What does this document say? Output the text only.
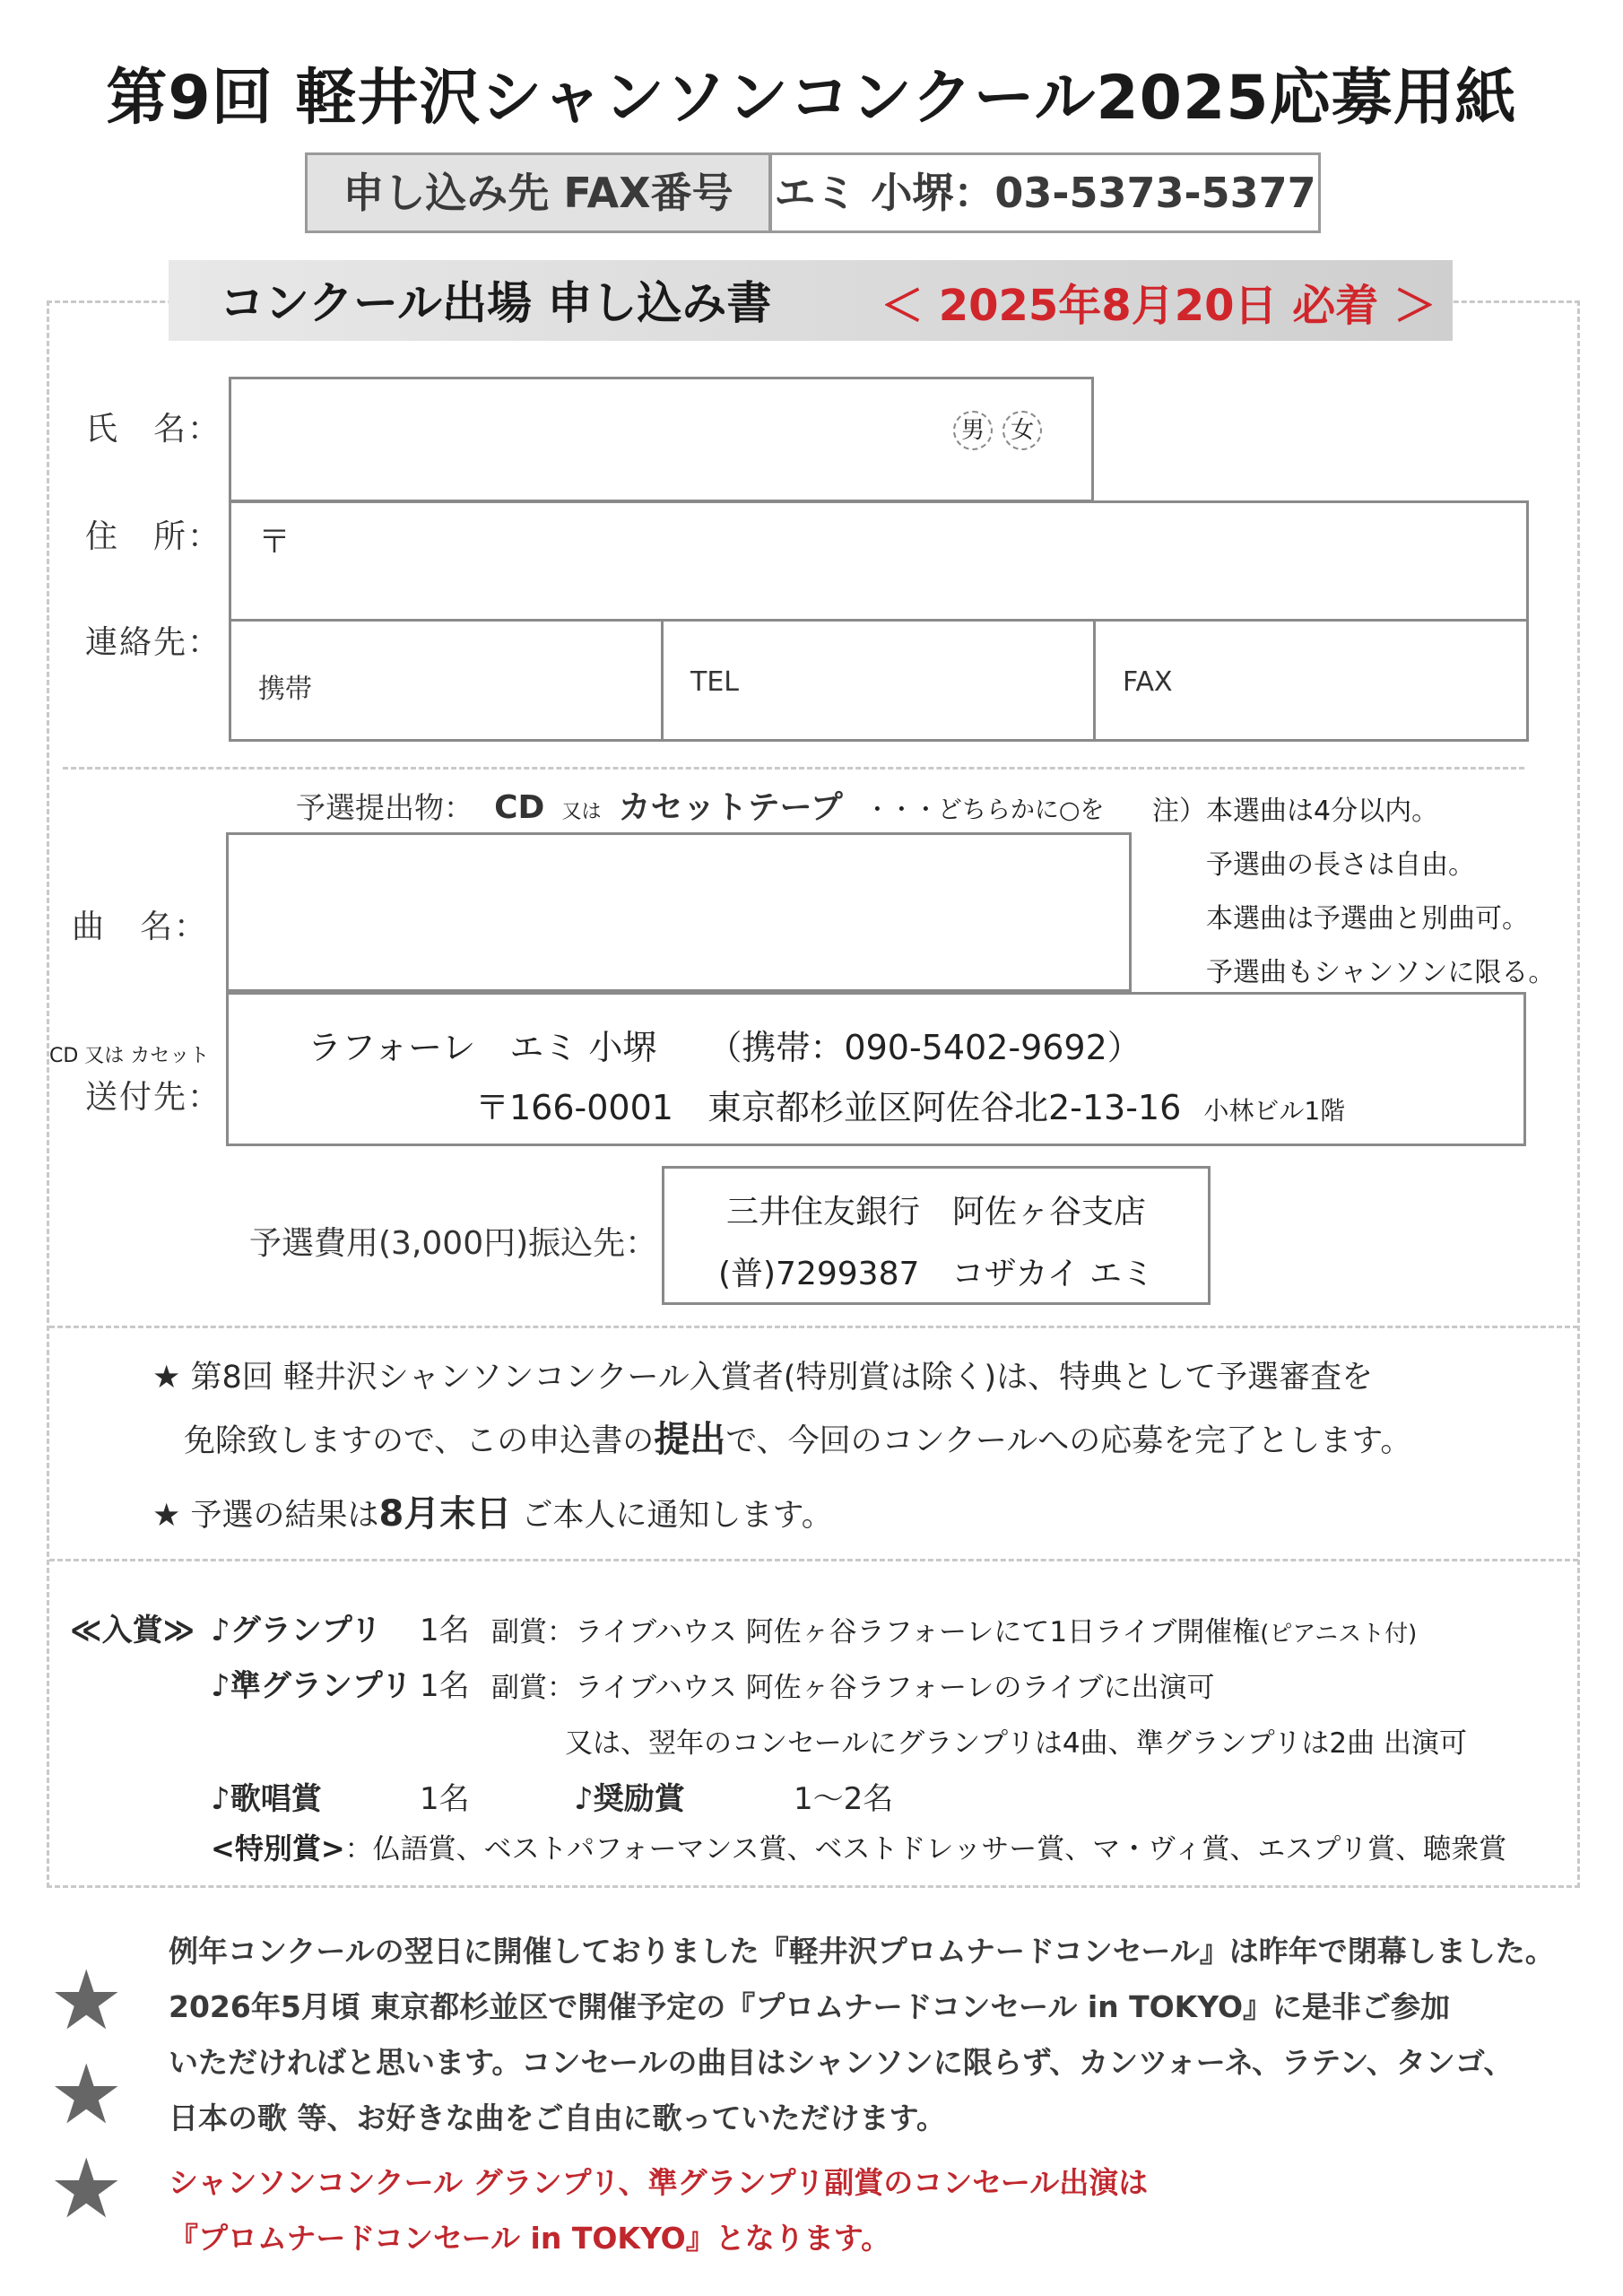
第9回 軽井沢シャンソンコンクール2025応募用紙
申し込み先 FAX番号 エミ 小堺：03-5373-5377
コンクール出場 申し込み書	＜ 2025年8月20日 必着 ＞
氏　名：	男 女
住　所： 〒
連絡先：
携帯	TEL	FAX
予選提出物： CD 又は カセットテープ ・・・どちらかに○を 注）本選曲は4分以内。
予選曲の長さは自由。
本選曲は予選曲と別曲可。
予選曲もシャンソンに限る。
曲　名：
CD 又は カセット
送付先：
ラフォーレ　エミ 小堺　　（携帯：090-5402-9692）
〒166-0001　東京都杉並区阿佐谷北2-13-16 小林ビル1階
予選費用(3,000円)振込先：
三井住友銀行　阿佐ヶ谷支店
(普)7299387　コザカイ エミ
★ 第8回 軽井沢シャンソンコンクール入賞者(特別賞は除く)は、特典として予選審査を
免除致しますので、この申込書の提出で、今回のコンクールへの応募を完了とします。
★ 予選の結果は8月末日 ご本人に通知します。
≪入賞≫ ♪グランプリ 1名 副賞：ライブハウス 阿佐ヶ谷ラフォーレにて1日ライブ開催権(ピアニスト付)
♪準グランプリ 1名 副賞：ライブハウス 阿佐ヶ谷ラフォーレのライブに出演可
又は、翌年のコンセールにグランプリは4曲、準グランプリは2曲 出演可
♪歌唱賞	1名	♪奨励賞	1〜2名
<特別賞>：仏語賞、ベストパフォーマンス賞、ベストドレッサー賞、マ・ヴィ賞、エスプリ賞、聴衆賞
★
★
★
例年コンクールの翌日に開催しておりました『軽井沢プロムナードコンセール』は昨年で閉幕しました。
2026年5月頃 東京都杉並区で開催予定の『プロムナードコンセール in TOKYO』に是非ご参加
いただければと思います。コンセールの曲目はシャンソンに限らず、カンツォーネ、ラテン、タンゴ、
日本の歌 等、お好きな曲をご自由に歌っていただけます。
シャンソンコンクール グランプリ、準グランプリ副賞のコンセール出演は
『プロムナードコンセール in TOKYO』となります。
